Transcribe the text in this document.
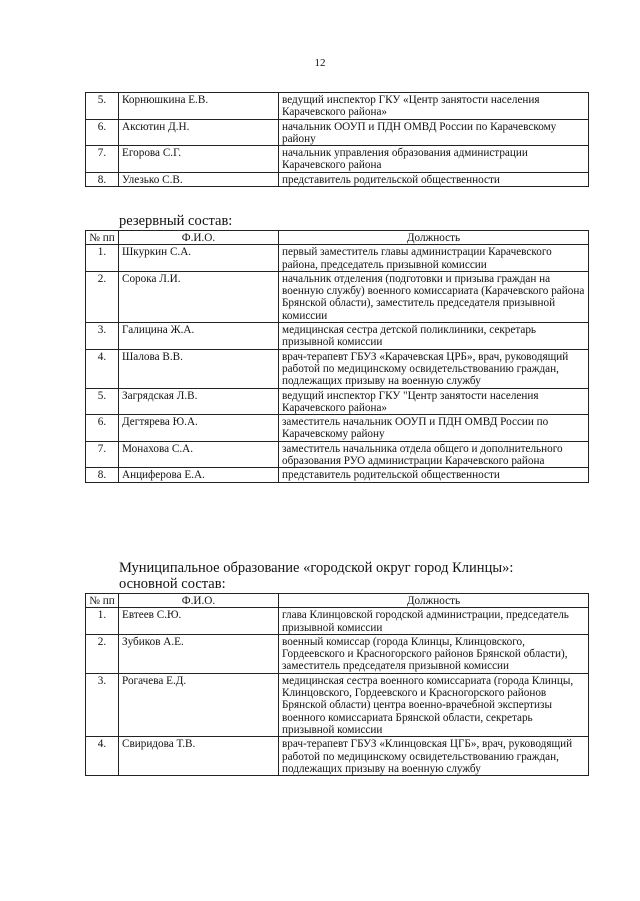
12
5.	Корнюшкина Е.В.	ведущий инспектор ГКУ «Центр занятости населения Карачевского района»
6.	Аксютин Д.Н.	начальник ООУП и ПДН ОМВД России по Карачевскому району
7.	Егорова С.Г.	начальник управления образования администрации Карачевского района
8.	Улезько С.В.	представитель родительской общественности
резервный состав:
№ пп	Ф.И.О.	Должность
1.	Шкуркин С.А.	первый заместитель главы администрации Карачевского района, председатель призывной комиссии
2.	Сорока Л.И.	начальник отделения (подготовки и призыва граждан на военную службу) военного комиссариата (Карачевского района Брянской области), заместитель председателя призывной комиссии
3.	Галицина Ж.А.	медицинская сестра детской поликлиники, секретарь призывной комиссии
4.	Шалова В.В.	врач-терапевт ГБУЗ «Карачевская ЦРБ», врач, руководящий работой по медицинскому освидетельствованию граждан, подлежащих призыву на военную службу
5.	Загрядская Л.В.	ведущий инспектор ГКУ "Центр занятости населения Карачевского района»
6.	Дегтярева Ю.А.	заместитель начальник ООУП и ПДН ОМВД России по Карачевскому району
7.	Монахова С.А.	заместитель начальника отдела общего и дополнительного образования РУО администрации Карачевского района
8.	Анциферова Е.А.	представитель родительской общественности
Муниципальное образование «городской округ город Клинцы»:
основной состав:
№ пп	Ф.И.О.	Должность
1.	Евтеев С.Ю.	глава Клинцовской городской администрации, председатель призывной комиссии
2.	Зубиков А.Е.	военный комиссар (города Клинцы, Клинцовского, Гордеевского и Красногорского районов Брянской области), заместитель председателя призывной комиссии
3.	Рогачева Е.Д.	медицинская сестра военного комиссариата (города Клинцы, Клинцовского, Гордеевского и Красногорского районов Брянской области) центра военно-врачебной экспертизы военного комиссариата Брянской области, секретарь призывной комиссии
4.	Свиридова Т.В.	врач-терапевт ГБУЗ «Клинцовская ЦГБ», врач, руководящий работой по медицинскому освидетельствованию граждан, подлежащих призыву на военную службу
